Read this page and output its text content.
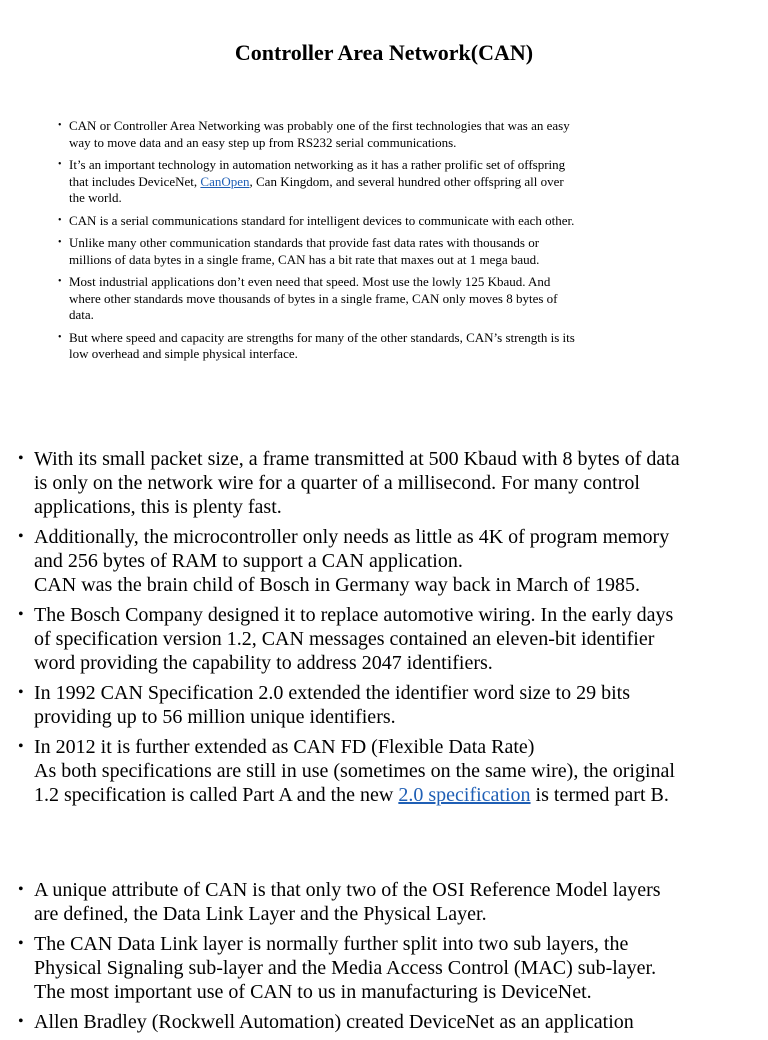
Controller Area Network(CAN)
• CAN or Controller Area Networking was probably one of the first technologies that was an easy
way to move data and an easy step up from RS232 serial communications.
• It’s an important technology in automation networking as it has a rather prolific set of offspring
that includes DeviceNet, CanOpen, Can Kingdom, and several hundred other offspring all over
the world.
• CAN is a serial communications standard for intelligent devices to communicate with each other.
• Unlike many other communication standards that provide fast data rates with thousands or
millions of data bytes in a single frame, CAN has a bit rate that maxes out at 1 mega baud.
• Most industrial applications don’t even need that speed. Most use the lowly 125 Kbaud. And
where other standards move thousands of bytes in a single frame, CAN only moves 8 bytes of
data.
• But where speed and capacity are strengths for many of the other standards, CAN’s strength is its
low overhead and simple physical interface.
• With its small packet size, a frame transmitted at 500 Kbaud with 8 bytes of data
is only on the network wire for a quarter of a millisecond. For many control
applications, this is plenty fast.
• Additionally, the microcontroller only needs as little as 4K of program memory
and 256 bytes of RAM to support a CAN application.
CAN was the brain child of Bosch in Germany way back in March of 1985.
• The Bosch Company designed it to replace automotive wiring. In the early days
of specification version 1.2, CAN messages contained an eleven-bit identifier
word providing the capability to address 2047 identifiers.
• In 1992 CAN Specification 2.0 extended the identifier word size to 29 bits
providing up to 56 million unique identifiers.
• In 2012 it is further extended as CAN FD (Flexible Data Rate)
As both specifications are still in use (sometimes on the same wire), the original
1.2 specification is called Part A and the new 2.0 specification is termed part B.
• A unique attribute of CAN is that only two of the OSI Reference Model layers
are defined, the Data Link Layer and the Physical Layer.
• The CAN Data Link layer is normally further split into two sub layers, the
Physical Signaling sub-layer and the Media Access Control (MAC) sub-layer.
The most important use of CAN to us in manufacturing is DeviceNet.
• Allen Bradley (Rockwell Automation) created DeviceNet as an application
